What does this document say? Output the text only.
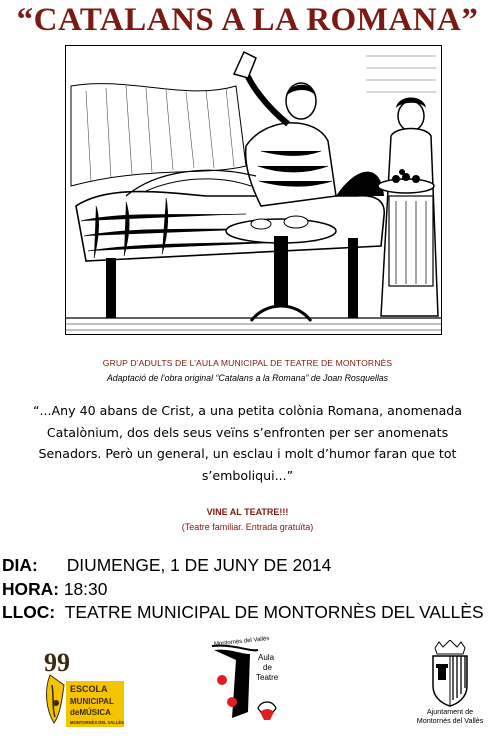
“CATALANS A LA ROMANA”
GRUP D’ADULTS DE L’AULA MUNICIPAL DE TEATRE DE MONTORNÈS
Adaptació de l’obra original “Catalans a la Romana” de Joan Rosquellas
“...Any 40 abans de Crist, a una petita colònia Romana, anomenada
Catalònium, dos dels seus veïns s’enfronten per ser anomenats
Senadors. Però un general, un esclau i molt d’humor faran que tot
s’emboliqui...”
VINE AL TEATRE!!!
(Teatre familiar. Entrada gratuïta)
DIA: DIUMENGE, 1 DE JUNY DE 2014
HORA: 18:30
LLOC: TEATRE MUNICIPAL DE MONTORNÈS DEL VALLÈS
99
ESCOLA
MUNICIPAL
deMÚSICA
MONTORNÈS DEL VALLÈS
Montornès del Vallès
Aula
de
Teatre
Ajuntament de
Montornès del Vallès
